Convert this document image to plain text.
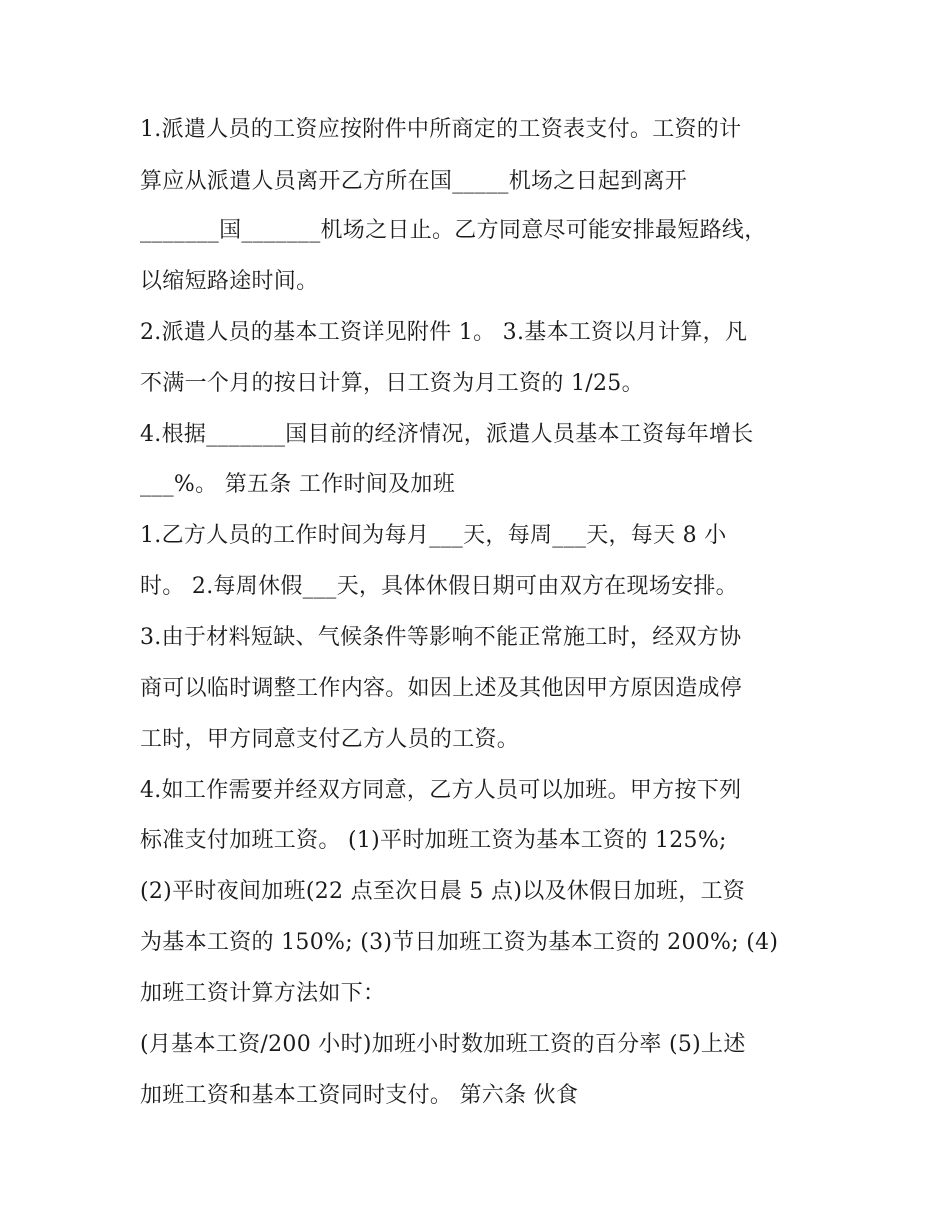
1.派遣人员的工资应按附件中所商定的工资表支付。工资的计
算应从派遣人员离开乙方所在国_____机场之日起到离开
_______国_______机场之日止。乙方同意尽可能安排最短路线，
以缩短路途时间。
2.派遣人员的基本工资详见附件 1。 3.基本工资以月计算，凡
不满一个月的按日计算，日工资为月工资的 1/25。
4.根据_______国目前的经济情况，派遣人员基本工资每年增长
___%。 第五条 工作时间及加班
1.乙方人员的工作时间为每月___天，每周___天，每天 8 小
时。 2.每周休假___天，具体休假日期可由双方在现场安排。
3.由于材料短缺、气候条件等影响不能正常施工时，经双方协
商可以临时调整工作内容。如因上述及其他因甲方原因造成停
工时，甲方同意支付乙方人员的工资。
4.如工作需要并经双方同意，乙方人员可以加班。甲方按下列
标准支付加班工资。 (1)平时加班工资为基本工资的 125%;
(2)平时夜间加班(22 点至次日晨 5 点)以及休假日加班，工资
为基本工资的 150%; (3)节日加班工资为基本工资的 200%; (4)
加班工资计算方法如下：
(月基本工资/200 小时)加班小时数加班工资的百分率 (5)上述
加班工资和基本工资同时支付。 第六条 伙食
